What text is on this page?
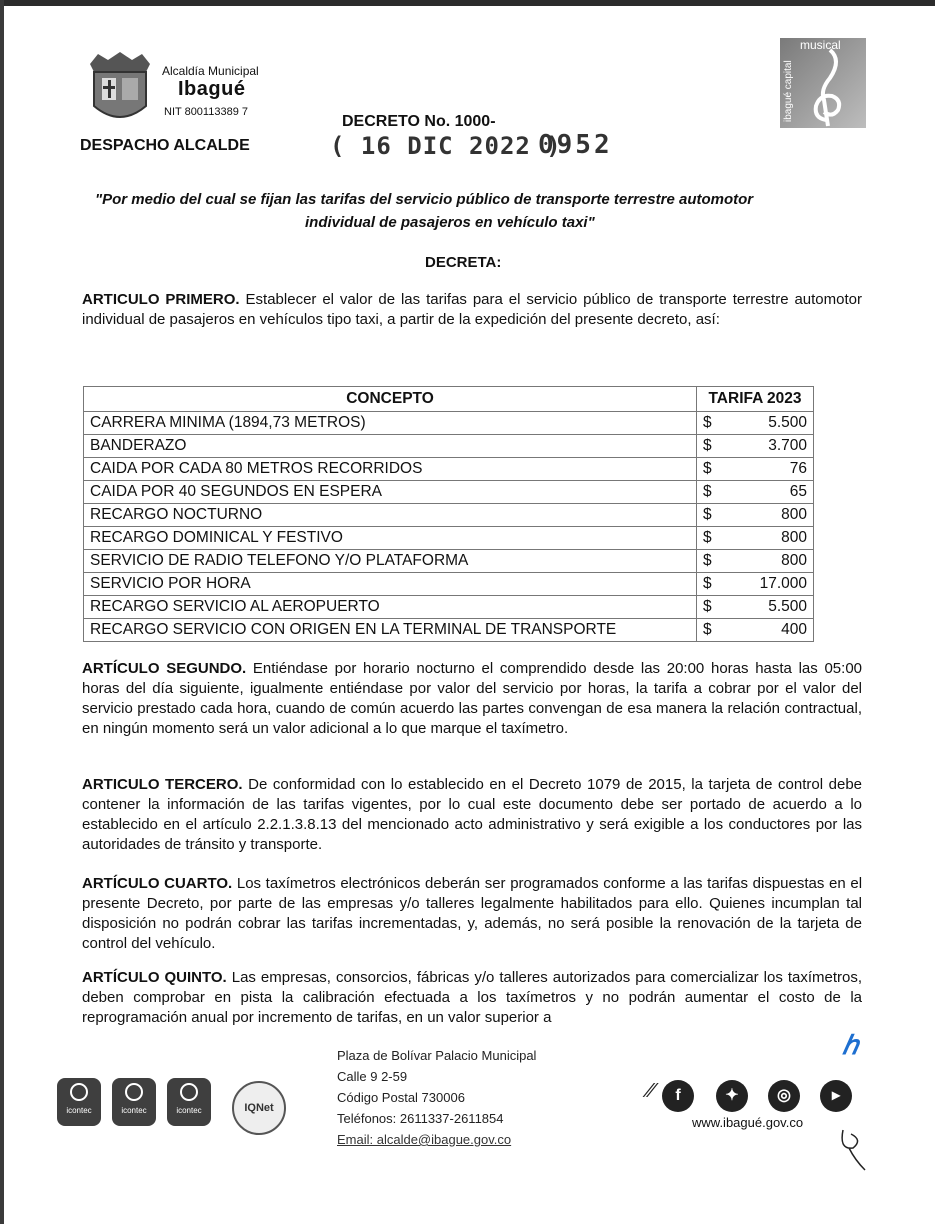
Alcaldía Municipal
Ibagué
NIT 800113389 7
DESPACHO ALCALDE
DECRETO No. 1000-
( 16 DIC 2022 )
0952
musical
ibagué capital
"Por medio del cual se fijan las tarifas del servicio público de transporte terrestre automotor
individual de pasajeros en vehículo taxi"
DECRETA:
ARTICULO PRIMERO. Establecer el valor de las tarifas para el servicio público de transporte terrestre automotor individual de pasajeros en vehículos tipo taxi, a partir de la expedición del presente decreto, así:
CONCEPTO	TARIFA 2023	
CARRERA MINIMA (1894,73 METROS)	$	5.500
BANDERAZO	$	3.700
CAIDA POR CADA 80 METROS RECORRIDOS	$	76
CAIDA POR 40 SEGUNDOS EN ESPERA	$	65
RECARGO NOCTURNO	$	800
RECARGO DOMINICAL Y FESTIVO	$	800
SERVICIO DE RADIO TELEFONO Y/O PLATAFORMA	$	800
SERVICIO POR HORA	$	17.000
RECARGO SERVICIO AL AEROPUERTO	$	5.500
RECARGO SERVICIO CON ORIGEN EN LA TERMINAL DE TRANSPORTE	$	400
ARTÍCULO SEGUNDO. Entiéndase por horario nocturno el comprendido desde las 20:00 horas hasta las 05:00 horas del día siguiente, igualmente entiéndase por valor del servicio por horas, la tarifa a cobrar por el valor del servicio prestado cada hora, cuando de común acuerdo las partes convengan de esa manera la relación contractual, en ningún momento será un valor adicional a lo que marque el taxímetro.
ARTICULO TERCERO. De conformidad con lo establecido en el Decreto 1079 de 2015, la tarjeta de control debe contener la información de las tarifas vigentes, por lo cual este documento debe ser portado de acuerdo a lo establecido en el artículo 2.2.1.3.8.13 del mencionado acto administrativo y será exigible a los conductores por las autoridades de tránsito y transporte.
ARTÍCULO CUARTO. Los taxímetros electrónicos deberán ser programados conforme a las tarifas dispuestas en el presente Decreto, por parte de las empresas y/o talleres legalmente habilitados para ello. Quienes incumplan tal disposición no podrán cobrar las tarifas incrementadas, y, además, no será posible la renovación de la tarjeta de control del vehículo.
ARTÍCULO QUINTO. Las empresas, consorcios, fábricas y/o talleres autorizados para comercializar los taxímetros, deben comprobar en pista la calibración efectuada a los taxímetros y no podrán aumentar el costo de la reprogramación anual por incremento de tarifas, en un valor superior a
icontec	icontec	icontec	IQNet
Plaza de Bolívar Palacio Municipal
Calle 9 2-59
Código Postal 730006
Teléfonos: 2611337-2611854
Email: alcalde@ibague.gov.co
ℎ
⁄⁄	f	✦	◎	▸
www.ibagué.gov.co
